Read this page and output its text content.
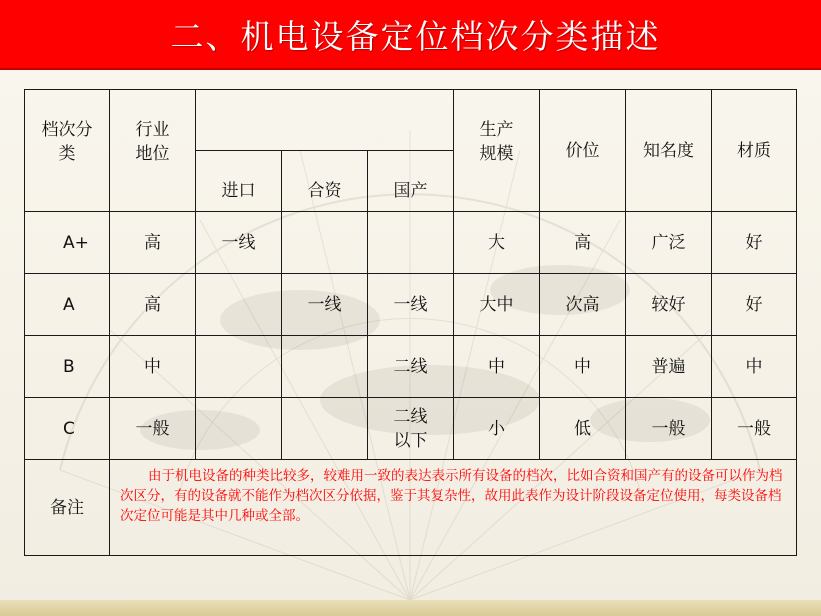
二、机电设备定位档次分类描述
档次分类	行业地位				生产规模	价位	知名度	材质
		进口	合资	国产				
A+	高	一线			大	高	广泛	好
A	高		一线	一线	大中	次高	较好	好
B	中			二线	中	中	普遍	中
C	一般			二线以下	小	低	一般	一般
备注	由于机电设备的种类比较多，较难用一致的表达表示所有设备的档次，比如合资和国产有的设备可以作为档次区分，有的设备就不能作为档次区分依据，鉴于其复杂性，故用此表作为设计阶段设备定位使用，每类设备档次定位可能是其中几种或全部。							
